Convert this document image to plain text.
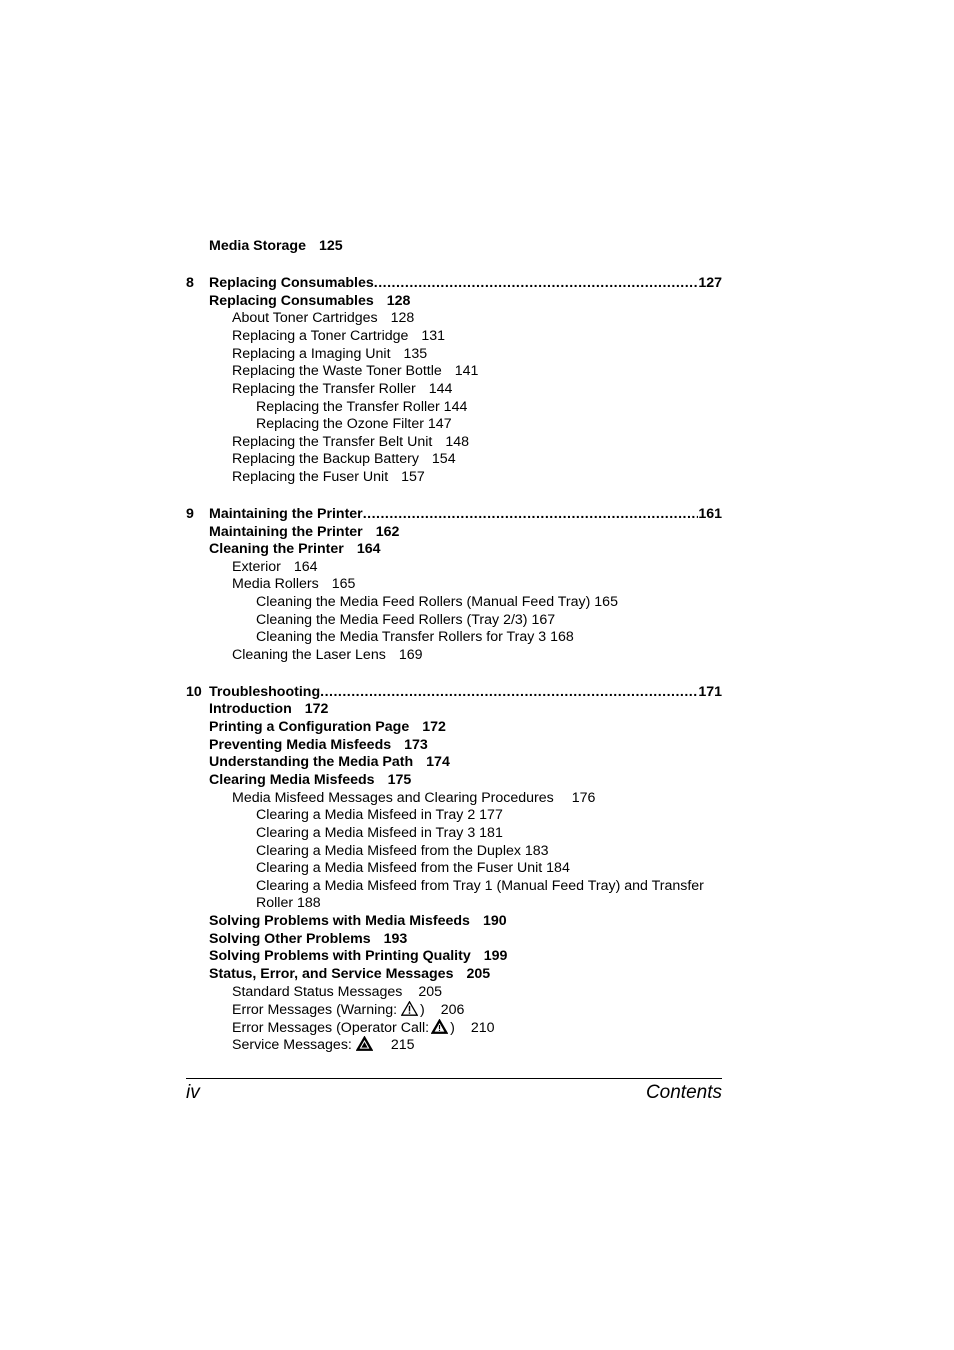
Media Storage 125
8	Replacing Consumables .....	127
Replacing Consumables 128
About Toner Cartridges 128
Replacing a Toner Cartridge 131
Replacing a Imaging Unit 135
Replacing the Waste Toner Bottle 141
Replacing the Transfer Roller 144
Replacing the Transfer Roller 144
Replacing the Ozone Filter 147
Replacing the Transfer Belt Unit 148
Replacing the Backup Battery 154
Replacing the Fuser Unit 157
9	Maintaining the Printer .....	161
Maintaining the Printer 162
Cleaning the Printer 164
Exterior 164
Media Rollers 165
Cleaning the Media Feed Rollers (Manual Feed Tray) 165
Cleaning the Media Feed Rollers (Tray 2/3) 167
Cleaning the Media Transfer Rollers for Tray 3 168
Cleaning the Laser Lens 169
10 Troubleshooting .....	171
Introduction 172
Printing a Configuration Page 172
Preventing Media Misfeeds 173
Understanding the Media Path 174
Clearing Media Misfeeds 175
Media Misfeed Messages and Clearing Procedures 176
Clearing a Media Misfeed in Tray 2 177
Clearing a Media Misfeed in Tray 3 181
Clearing a Media Misfeed from the Duplex 183
Clearing a Media Misfeed from the Fuser Unit 184
Clearing a Media Misfeed from Tray 1 (Manual Feed Tray) and Transfer
Roller 188
Solving Problems with Media Misfeeds 190
Solving Other Problems 193
Solving Problems with Printing Quality 199
Status, Error, and Service Messages 205
Standard Status Messages 205
Error Messages (Warning: ) 206
Error Messages (Operator Call: ) 210
Service Messages:	215
iv	Contents
